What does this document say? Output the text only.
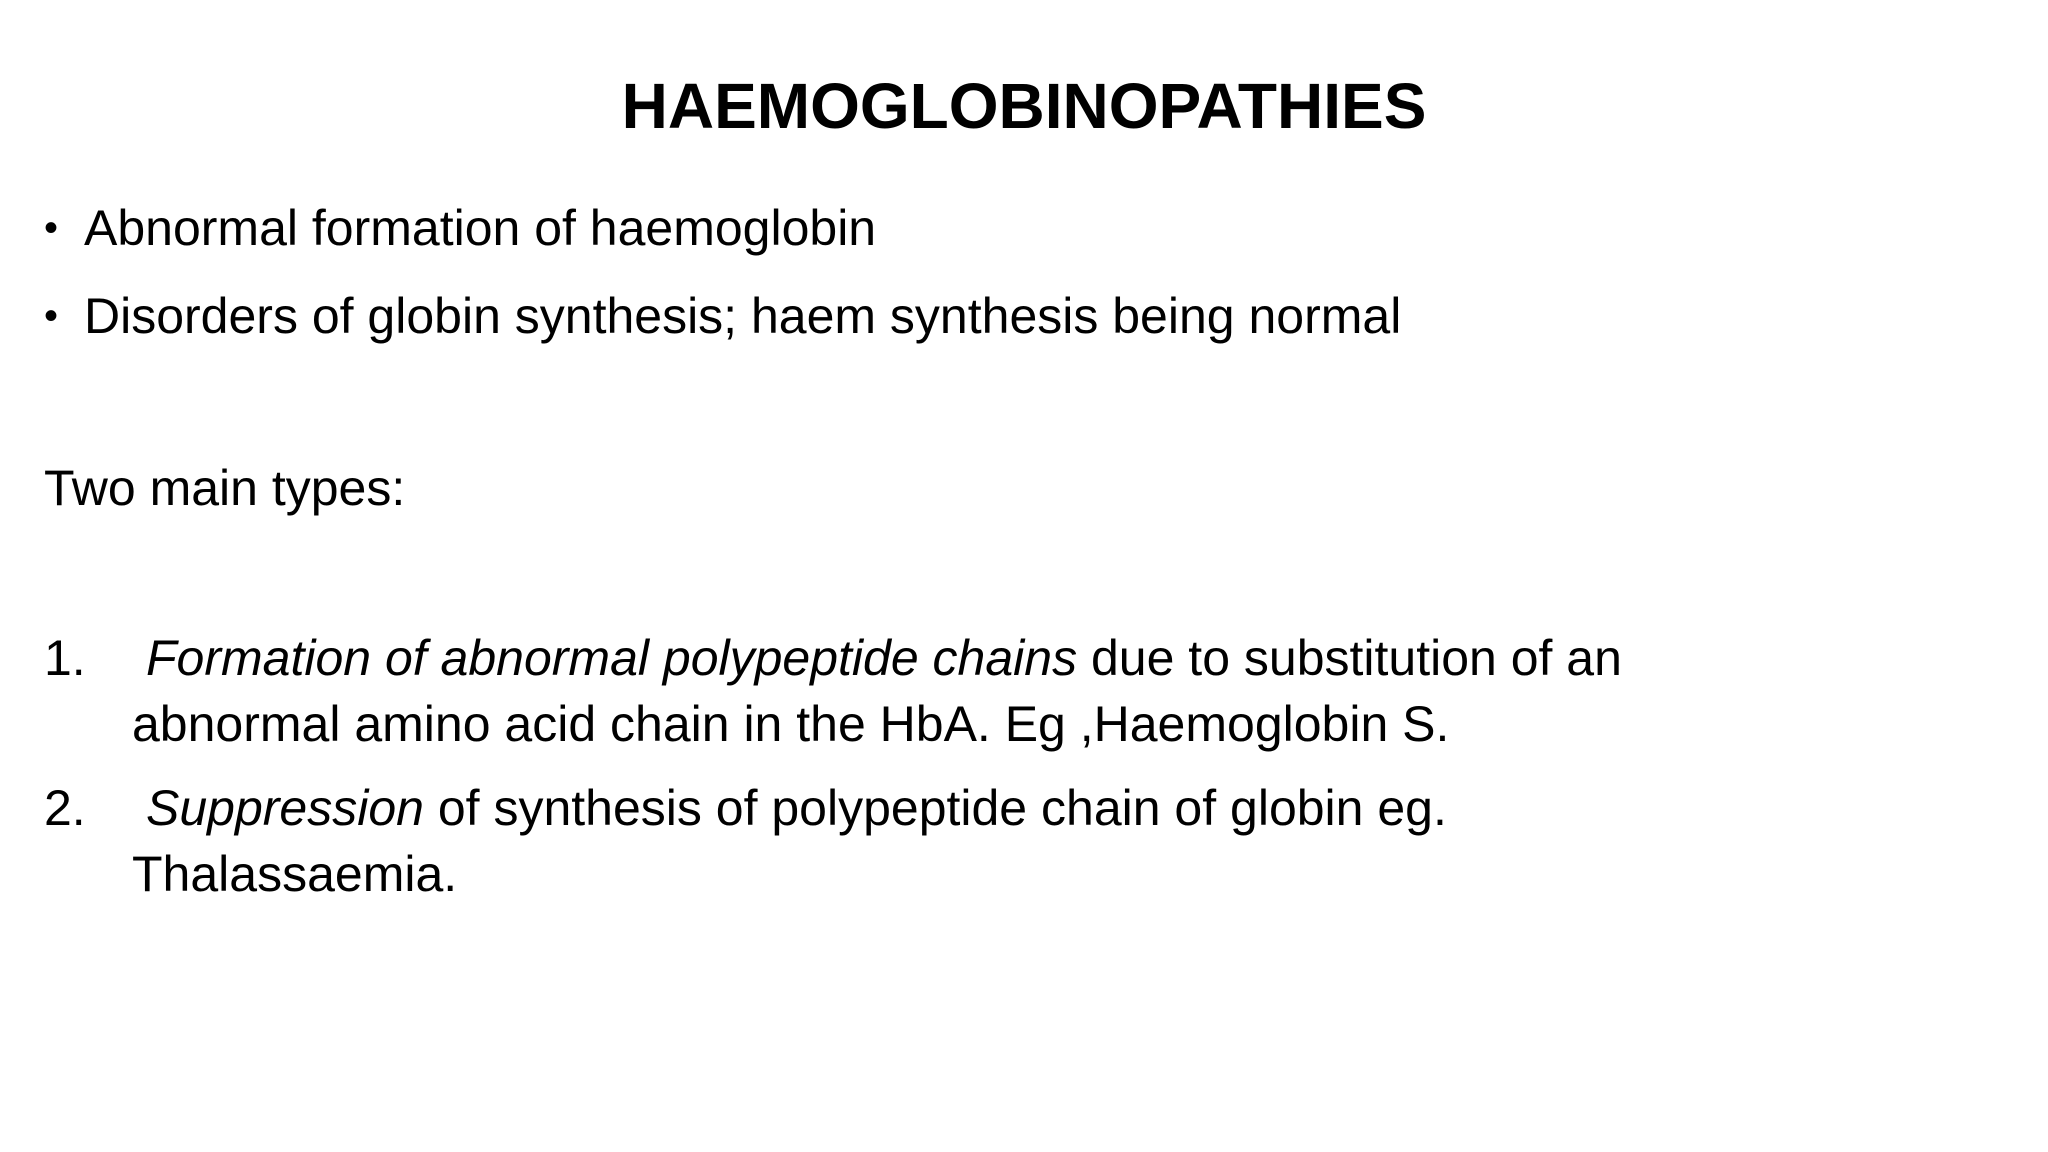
HAEMOGLOBINOPATHIES
• Abnormal formation of haemoglobin
• Disorders of globin synthesis; haem synthesis being normal
Two main types:
1.	Formation of abnormal polypeptide chains due to substitution of an
abnormal amino acid chain in the HbA. Eg ,Haemoglobin S.
2.	Suppression of synthesis of polypeptide chain of globin eg.
Thalassaemia.
